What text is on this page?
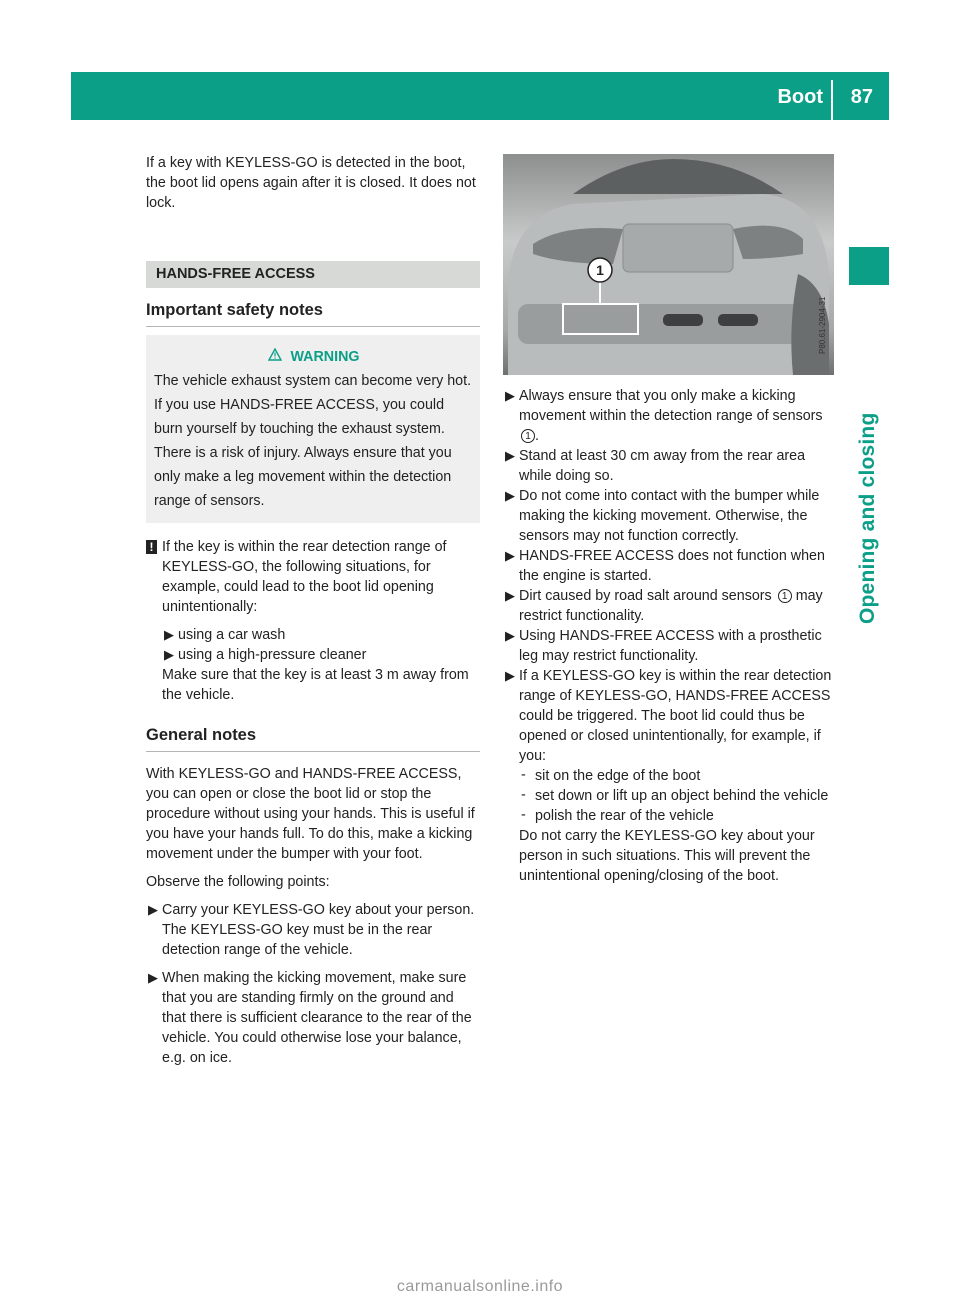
Boot 87
Opening and closing

If a key with KEYLESS-GO is detected in the boot, the boot lid opens again after it is closed. It does not lock.

HANDS-FREE ACCESS
Important safety notes
WARNING

The vehicle exhaust system can become very hot. If you use HANDS-FREE ACCESS, you could burn yourself by touching the exhaust system. There is a risk of injury. Always ensure that you only make a leg movement within the detection range of sensors.

! If the key is within the rear detection range of KEYLESS-GO, the following situations, for example, could lead to the boot lid opening unintentionally:

▶ using a car wash
▶ using a high-pressure cleaner

Make sure that the key is at least 3 m away from the vehicle.

General notes

With KEYLESS-GO and HANDS-FREE ACCESS, you can open or close the boot lid or stop the procedure without using your hands. This is useful if you have your hands full. To do this, make a kicking movement under the bumper with your foot.

Observe the following points:

▶ Carry your KEYLESS-GO key about your person. The KEYLESS-GO key must be in the rear detection range of the vehicle.
▶ When making the kicking movement, make sure that you are standing firmly on the ground and that there is sufficient clearance to the rear of the vehicle. You could otherwise lose your balance, e.g. on ice.
1
P80.61-2904-31
▶ Always ensure that you only make a kicking movement within the detection range of sensors 1 .
▶ Stand at least 30 cm away from the rear area while doing so.
▶ Do not come into contact with the bumper while making the kicking movement. Otherwise, the sensors may not function correctly.
▶ HANDS-FREE ACCESS does not function when the engine is started.
▶ Dirt caused by road salt around sensors 1 may restrict functionality.
▶ Using HANDS-FREE ACCESS with a prosthetic leg may restrict functionality.
▶ If a KEYLESS-GO key is within the rear detection range of KEYLESS-GO, HANDS-FREE ACCESS could be triggered. The boot lid could thus be opened or closed unintentionally, for example, if you:
- sit on the edge of the boot
- set down or lift up an object behind the vehicle
- polish the rear of the vehicle

Do not carry the KEYLESS-GO key about your person in such situations. This will prevent the unintentional opening/closing of the boot.

carmanualsonline.info
